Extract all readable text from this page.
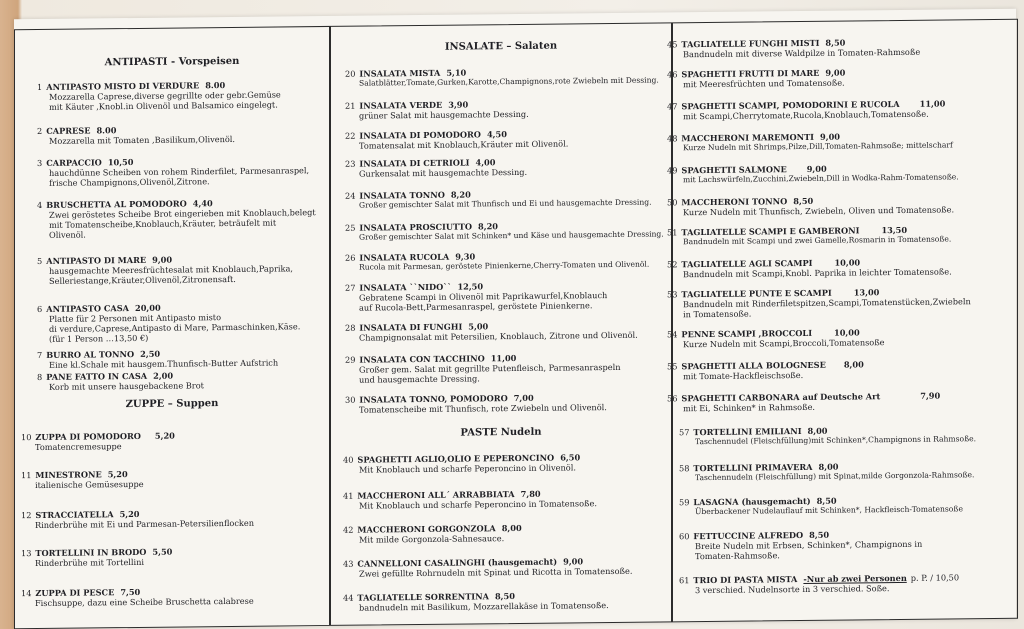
ANTIPASTI - Vorspeisen
1 ANTIPASTO MISTO DI VERDURE 8.00
Mozzarella Caprese,diverse gegrillte oder gebr.Gemüse
mit Käuter ,Knobl.in Olivenöl und Balsamico eingelegt.
2 CAPRESE 8.00
Mozzarella mit Tomaten ,Basilikum,Olivenöl.
3 CARPACCIO 10,50
hauchdünne Scheiben von rohem Rinderfilet, Parmesanraspel,
frische Champignons,Olivenöl,Zitrone.
4 BRUSCHETTA AL POMODORO 4,40
Zwei geröstetes Scheibe Brot eingerieben mit Knoblauch,belegt
mit Tomatenscheibe,Knoblauch,Kräuter, beträufelt mit
Olivenöl.
5 ANTIPASTO DI MARE 9,00
hausgemachte Meeresfrüchtesalat mit Knoblauch,Paprika,
Selleriestange,Kräuter,Olivenöl,Zitronensaft.
6 ANTIPASTO CASA 20,00
Platte für 2 Personen mit Antipasto misto
di verdure,Caprese,Antipasto di Mare, Parmaschinken,Käse.
(für 1 Person …13,50 €)
7 BURRO AL TONNO 2,50
Eine kl.Schale mit hausgem.Thunfisch-Butter Aufstrich
8 PANE FATTO IN CASA 2,00
Korb mit unsere hausgebackene Brot
ZUPPE – Suppen
10 ZUPPA DI POMODORO 5,20
Tomatencremesuppe
11 MINESTRONE 5,20
italienische Gemüsesuppe
12 STRACCIATELLA 5,20
Rinderbrühe mit Ei und Parmesan-Petersilienflocken
13 TORTELLINI IN BRODO 5,50
Rinderbrühe mit Tortellini
14 ZUPPA DI PESCE 7,50
Fischsuppe, dazu eine Scheibe Bruschetta calabrese
INSALATE – Salaten
20 INSALATA MISTA 5,10
Salatblätter,Tomate,Gurken,Karotte,Champignons,rote Zwiebeln mit Dessing.
21 INSALATA VERDE 3,90
grüner Salat mit hausgemachte Dessing.
22 INSALATA DI POMODORO 4,50
Tomatensalat mit Knoblauch,Kräuter mit Olivenöl.
23 INSALATA DI CETRIOLI 4,00
Gurkensalat mit hausgemachte Dessing.
24 INSALATA TONNO 8,20
Großer gemischter Salat mit Thunfisch und Ei und hausgemachte Dressing.
25 INSALATA PROSCIUTTO 8,20
Großer gemischter Salat mit Schinken* und Käse und hausgemachte Dressing.
26 INSALATA RUCOLA 9,30
Rucola mit Parmesan, geröstete Pinienkerne,Cherry-Tomaten und Olivenöl.
27 INSALATA ``NIDO`` 12,50
Gebratene Scampi in Olivenöl mit Paprikawurfel,Knoblauch
auf Rucola-Bett,Parmesanraspel, geröstete Pinienkerne.
28 INSALATA DI FUNGHI 5,00
Champignonsalat mit Petersilien, Knoblauch, Zitrone und Olivenöl.
29 INSALATA CON TACCHINO 11,00
Großer gem. Salat mit gegrillte Putenfleisch, Parmesanraspeln
und hausgemachte Dressing.
30 INSALATA TONNO, POMODORO 7,00
Tomatenscheibe mit Thunfisch, rote Zwiebeln und Olivenöl.
PASTE Nudeln
40 SPAGHETTI AGLIO,OLIO E PEPERONCINO 6,50
Mit Knoblauch und scharfe Peperoncino in Olivenöl.
41 MACCHERONI ALL´ ARRABBIATA 7,80
Mit Knoblauch und scharfe Peperoncino in Tomatensoße.
42 MACCHERONI GORGONZOLA 8,00
Mit milde Gorgonzola-Sahnesauce.
43 CANNELLONI CASALINGHI (hausgemacht) 9,00
Zwei gefüllte Rohrnudeln mit Spinat und Ricotta in Tomatensoße.
44 TAGLIATELLE SORRENTINA 8,50
bandnudeln mit Basilikum, Mozzarellakäse in Tomatensoße.
45 TAGLIATELLE FUNGHI MISTI 8,50
Bandnudeln mit diverse Waldpilze in Tomaten-Rahmsoße
46 SPAGHETTI FRUTTI DI MARE 9,00
mit Meeresfrüchten und Tomatensoße.
47 SPAGHETTI SCAMPI, POMODORINI E RUCOLA 11,00
mit Scampi,Cherrytomate,Rucola,Knoblauch,Tomatensoße.
48 MACCHERONI MAREMONTI 9,00
Kurze Nudeln mit Shrimps,Pilze,Dill,Tomaten-Rahmsoße; mittelscharf
49 SPAGHETTI SALMONE 9,00
mit Lachswürfeln,Zucchini,Zwiebeln,Dill in Wodka-Rahm-Tomatensoße.
50 MACCHERONI TONNO 8,50
Kurze Nudeln mit Thunfisch, Zwiebeln, Oliven und Tomatensoße.
51 TAGLIATELLE SCAMPI E GAMBERONI	13,50
Bandnudeln mit Scampi und zwei Gamelle,Rosmarin in Tomatensoße.
52 TAGLIATELLE AGLI SCAMPI	10,00
Bandnudeln mit Scampi,Knobl. Paprika in leichter Tomatensoße.
53 TAGLIATELLE PUNTE E SCAMPI	13,00
Bandnudeln mit Rinderfiletspitzen,Scampi,Tomatenstücken,Zwiebeln
in Tomatensoße.
54 PENNE SCAMPI ,BROCCOLI	10,00
Kurze Nudeln mit Scampi,Broccoli,Tomatensoße
55 SPAGHETTI ALLA BOLOGNESE 8,00
mit Tomate-Hackfleischsoße.
56 SPAGHETTI CARBONARA auf Deutsche Art	7,90
mit Ei, Schinken* in Rahmsoße.
57 TORTELLINI EMILIANI 8,00
Taschennudel (Fleischfüllung)mit Schinken*,Champignons in Rahmsoße.
58 TORTELLINI PRIMAVERA 8,00
Taschennudeln (Fleischfüllung) mit Spinat,milde Gorgonzola-Rahmsoße.
59 LASAGNA (hausgemacht) 8,50
Überbackener Nudelauflauf mit Schinken*, Hackfleisch-Tomatensoße
60 FETTUCCINE ALFREDO 8,50
Breite Nudeln mit Erbsen, Schinken*, Champignons in
Tomaten-Rahmsoße.
61 TRIO DI PASTA MISTA -Nur ab zwei Personen p. P. / 10,50
3 verschied. Nudelnsorte in 3 verschied. Soße.
